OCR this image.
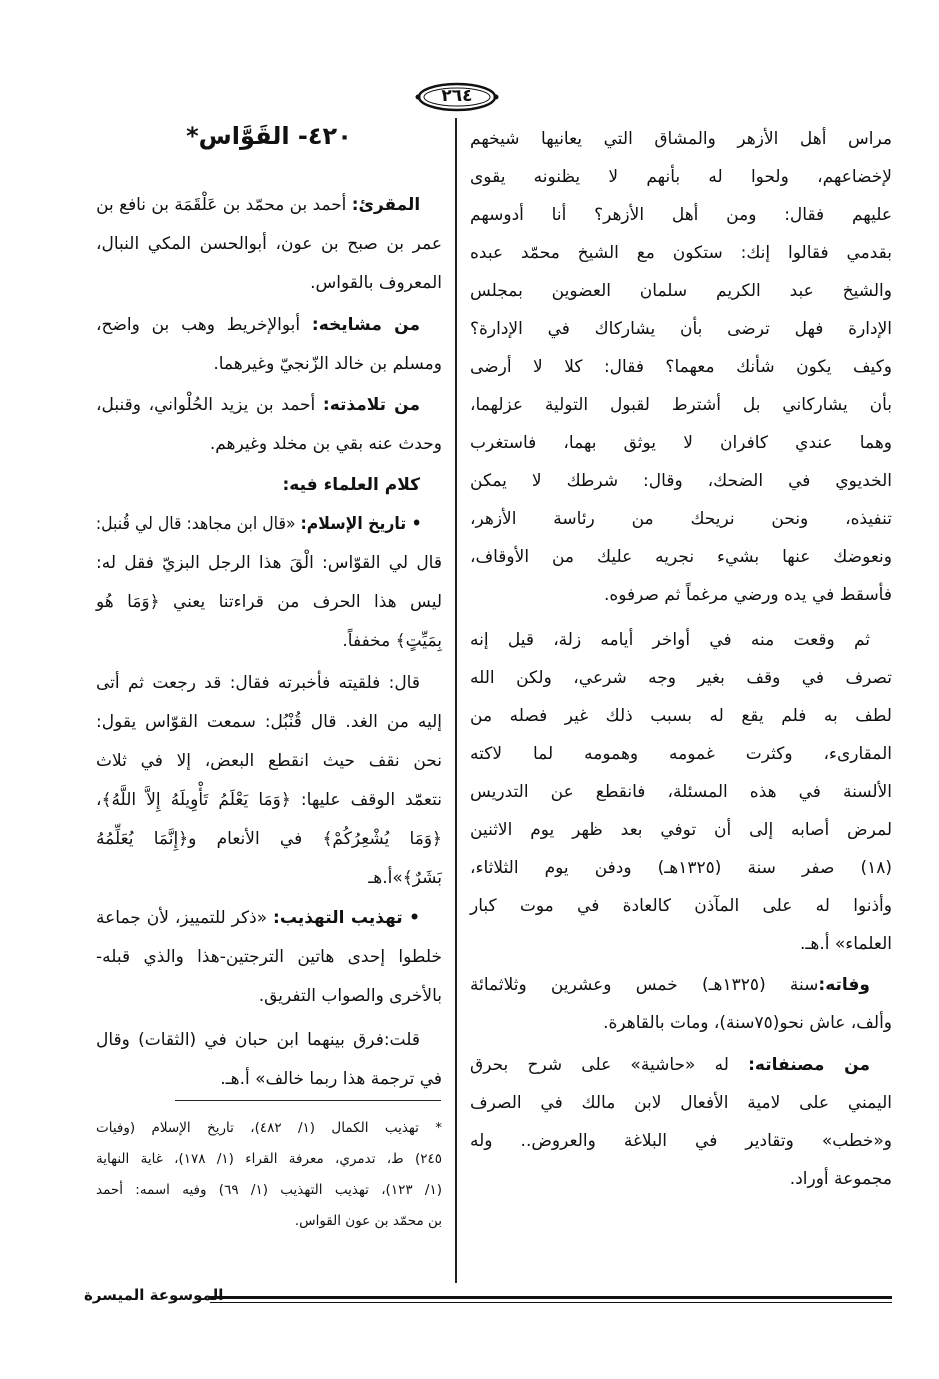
٢٦٤
٤٢٠- القَوَّاس*	مراس أهل الأزهر والمشاق التي يعانيها شيخهم
لإخضاعهم، ولحوا له بأنهم لا يظنونه يقوى
عليهم فقال: ومن أهل الأزهر؟ أنا أدوسهم
بقدمي فقالوا إنك: ستكون مع الشيخ محمّد عبده
والشيخ عبد الكريم سلمان العضوين بمجلس
الإدارة فهل ترضى بأن يشاركاك في الإدارة؟
وكيف يكون شأنك معهما؟ فقال: كلا لا أرضى
بأن يشاركاني بل أشترط لقبول التولية عزلهما،
وهما عندي كافران لا يوثق بهما، فاستغرب
الخديوي في الضحك، وقال: شرطك لا يمكن
تنفيذه، ونحن نريحك من رئاسة الأزهر،
ونعوضك عنها بشيء نجريه عليك من الأوقاف،
فأسقط في يده ورضي مرغماً ثم صرفوه.
ثم وقعت منه في أواخر أيامه زلة، قيل إنه
تصرف في وقف بغير وجه شرعي، ولكن الله
لطف به فلم يقع له بسبب ذلك غير فصله من
المقارىء، وكثرت غمومه وهمومه لما لاكته
الألسنة في هذه المسئلة، فانقطع عن التدريس
لمرض أصابه إلى أن توفي بعد ظهر يوم الاثنين
(١٨) صفر سنة (١٣٢٥هـ) ودفن يوم الثلاثاء،
وأذنوا له على المآذن كالعادة في موت كبار
العلماء» أ.هـ.
وفاته:سنة (١٣٢٥هـ) خمس وعشرين وثلاثمائة
وألف، عاش نحو(٧٥سنة)، ومات بالقاهرة.
من مصنفاته: له «حاشية» على شرح بحرق
اليمني على لامية الأفعال لابن مالك في الصرف
و«خطب» وتقادير في البلاغة والعروض.. وله
مجموعة أوراد.
المقرئ: أحمد بن محمّد بن عَلْقَمَة بن نافع بن
عمر بن صبح بن عون، أبوالحسن المكي النبال،
المعروف بالقواس.
من مشايخه: أبوالإخريط وهب بن واضح،
ومسلم بن خالد الزّنجيّ وغيرهما.
من تلامذته: أحمد بن يزيد الحُلْواني، وقنبل،
وحدث عنه بقي بن مخلد وغيرهم.
كلام العلماء فيه:
• تاريخ الإسلام: «قال ابن مجاهد: قال لي قُنبل:
قال لي القوّاس: الْقَ هذا الرجل البزيّ فقل له:
ليس هذا الحرف من قراءتنا يعني ﴿وَمَا هُو
بِمَيِّتٍ﴾ مخففاً.
قال: فلقيته فأخبرته فقال: قد رجعت ثم أتى
إليه من الغد. قال قُنْبُل: سمعت القوّاس يقول:
نحن نقف حيث انقطع البعض، إلا في ثلاث
نتعمّد الوقف عليها: ﴿وَمَا يَعْلَمُ تَأْوِيلَهُ إِلاَّ اللَّهُ﴾،
﴿وَمَا يُشْعِرُكُمْ﴾ في الأنعام و﴿إِنَّمَا يُعَلِّمُهُ
بَشَرٌ﴾»أ.هـ
• تهذيب التهذيب: «ذكر للتمييز، لأن جماعة
خلطوا إحدى هاتين الترجتين-هذا والذي قبله-
بالأخرى والصواب التفريق.
قلت:فرق بينهما ابن حبان في (الثقات) وقال
في ترجمة هذا ربما خالف» أ.هـ.
* تهذيب الكمال (١/ ٤٨٢)، تاريخ الإسلام (وفيات
٢٤٥) ط، تدمري، معرفة القراء (١/ ١٧٨)، غاية النهاية
(١/ ١٢٣)، تهذيب التهذيب (١/ ٦٩) وفيه اسمه: أحمد
بن محمّد بن عون القواس.
الموسوعة الميسرة
